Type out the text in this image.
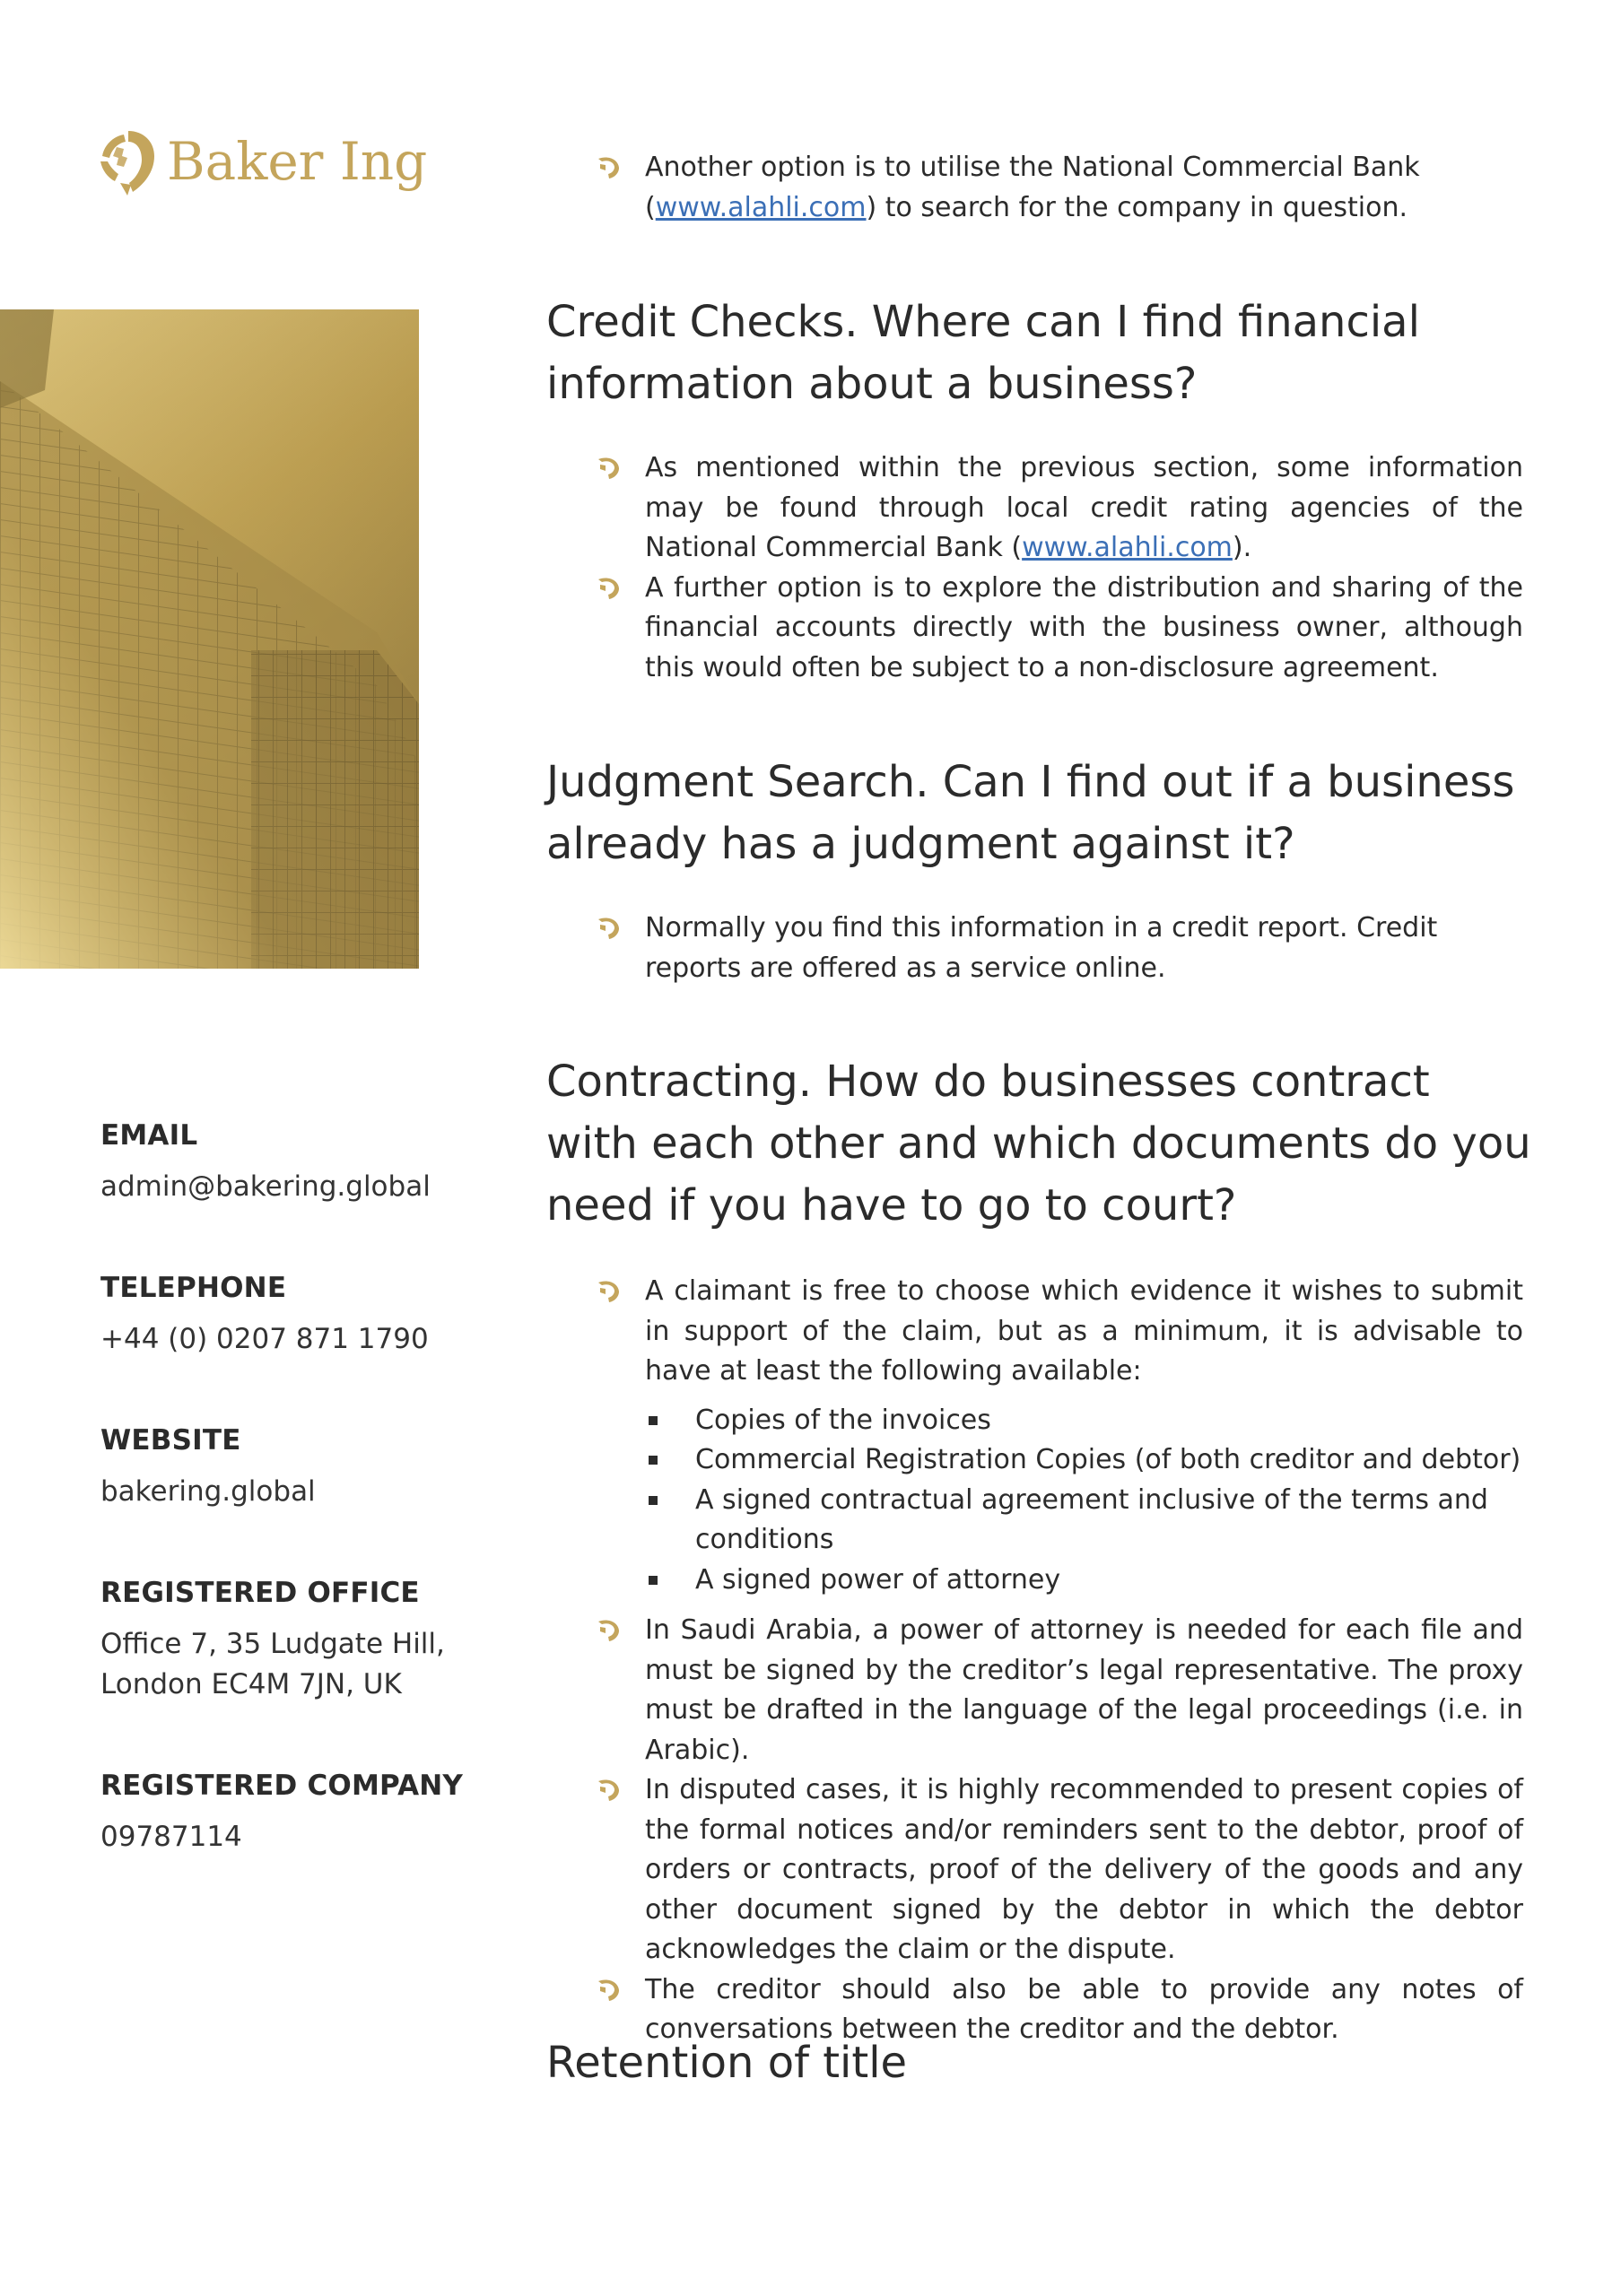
Baker Ing
EMAIL
admin@bakering.global
TELEPHONE
+44 (0) 0207 871 1790
WEBSITE
bakering.global
REGISTERED OFFICE
Office 7, 35 Ludgate Hill,
London EC4M 7JN, UK
REGISTERED COMPANY
09787114
Another option is to utilise the National Commercial Bank (www.alahli.com) to search for the company in question.
Credit Checks. Where can I find financial information about a business?
As mentioned within the previous section, some information may be found through local credit rating agencies of the National Commercial Bank (www.alahli.com).
A further option is to explore the distribution and sharing of the financial accounts directly with the business owner, although this would often be subject to a non-disclosure agreement.
Judgment Search. Can I find out if a business already has a judgment against it?
Normally you find this information in a credit report. Credit reports are offered as a service online.
Contracting. How do businesses contract with each other and which documents do you need if you have to go to court?
A claimant is free to choose which evidence it wishes to submit in support of the claim, but as a minimum, it is advisable to have at least the following available:
Copies of the invoices
Commercial Registration Copies (of both creditor and debtor)
A signed contractual agreement inclusive of the terms and conditions
A signed power of attorney
In Saudi Arabia, a power of attorney is needed for each file and must be signed by the creditor’s legal representative. The proxy must be drafted in the language of the legal proceedings (i.e. in Arabic).
In disputed cases, it is highly recommended to present copies of the formal notices and/or reminders sent to the debtor, proof of orders or contracts, proof of the delivery of the goods and any other document signed by the debtor in which the debtor acknowledges the claim or the dispute.
The creditor should also be able to provide any notes of conversations between the creditor and the debtor.
Retention of title
